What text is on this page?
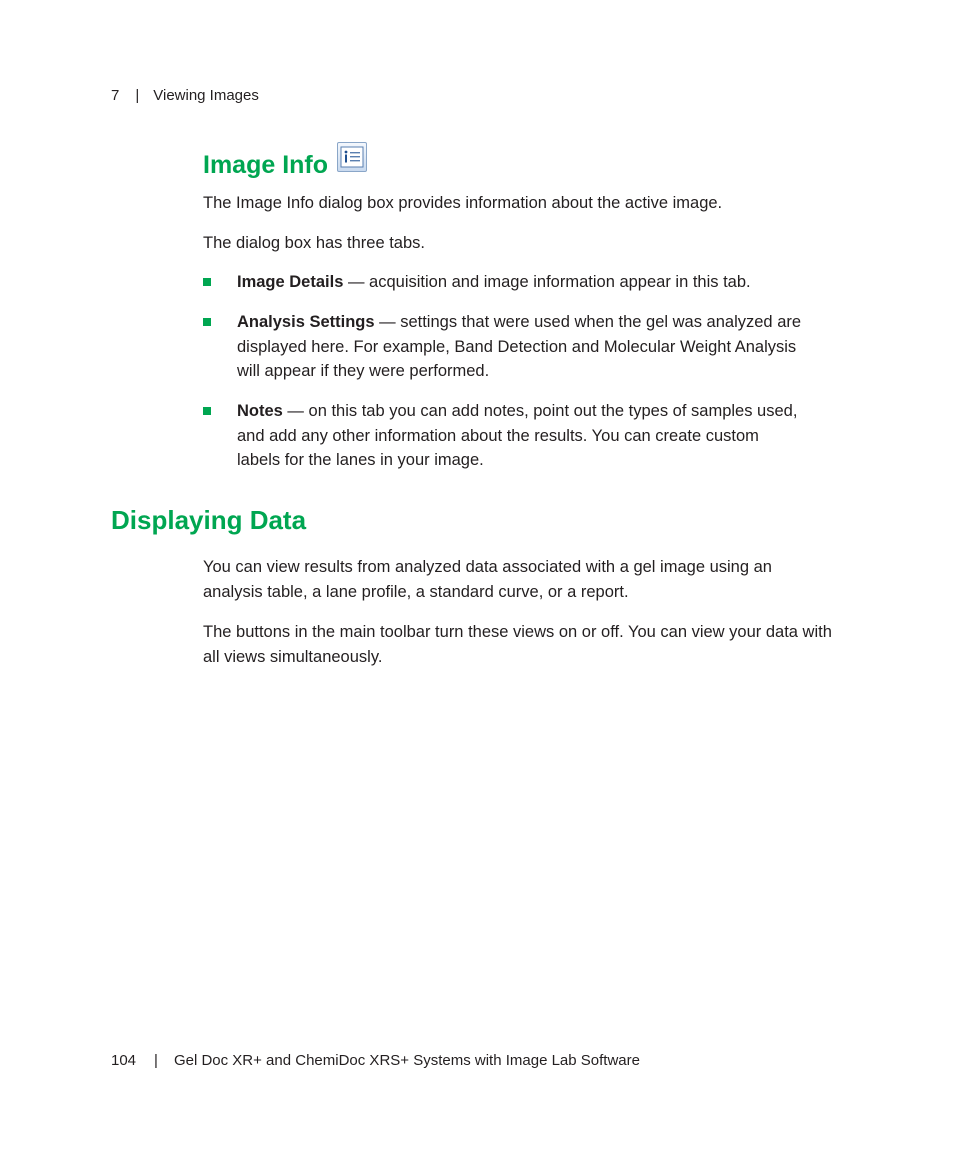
7 | Viewing Images
Image Info
The Image Info dialog box provides information about the active image.
The dialog box has three tabs.
Image Details — acquisition and image information appear in this tab.
Analysis Settings — settings that were used when the gel was analyzed are displayed here. For example, Band Detection and Molecular Weight Analysis will appear if they were performed.
Notes — on this tab you can add notes, point out the types of samples used, and add any other information about the results. You can create custom labels for the lanes in your image.
Displaying Data
You can view results from analyzed data associated with a gel image using an analysis table, a lane profile, a standard curve, or a report.
The buttons in the main toolbar turn these views on or off. You can view your data with all views simultaneously.
104 | Gel Doc XR+ and ChemiDoc XRS+ Systems with Image Lab Software
